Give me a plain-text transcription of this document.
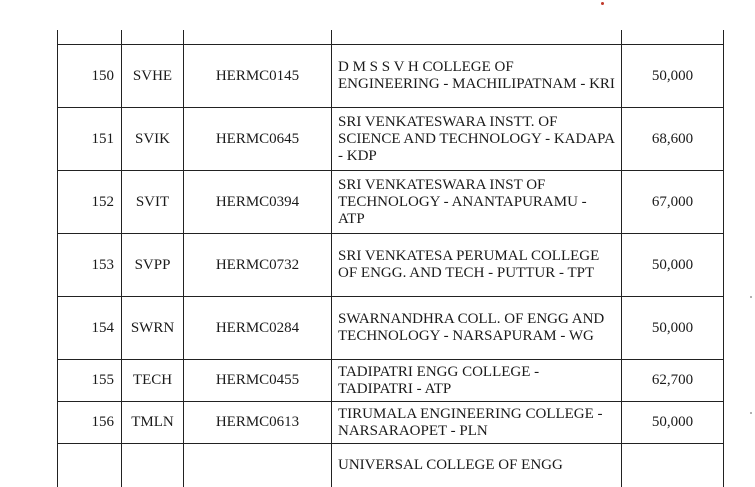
150	SVHE	HERMC0145	D M S S V H COLLEGE OF ENGINEERING - MACHILIPATNAM - KRI	50,000
151	SVIK	HERMC0645	SRI VENKATESWARA INSTT. OF SCIENCE AND TECHNOLOGY - KADAPA - KDP	68,600
152	SVIT	HERMC0394	SRI VENKATESWARA INST OF TECHNOLOGY - ANANTAPURAMU - ATP	67,000
153	SVPP	HERMC0732	SRI VENKATESA PERUMAL COLLEGE OF ENGG. AND TECH - PUTTUR - TPT	50,000
154	SWRN	HERMC0284	SWARNANDHRA COLL. OF ENGG AND TECHNOLOGY - NARSAPURAM - WG	50,000
155	TECH	HERMC0455	TADIPATRI ENGG COLLEGE - TADIPATRI - ATP	62,700
156	TMLN	HERMC0613	TIRUMALA ENGINEERING COLLEGE - NARSARAOPET - PLN	50,000

			UNIVERSAL COLLEGE OF ENGG	
